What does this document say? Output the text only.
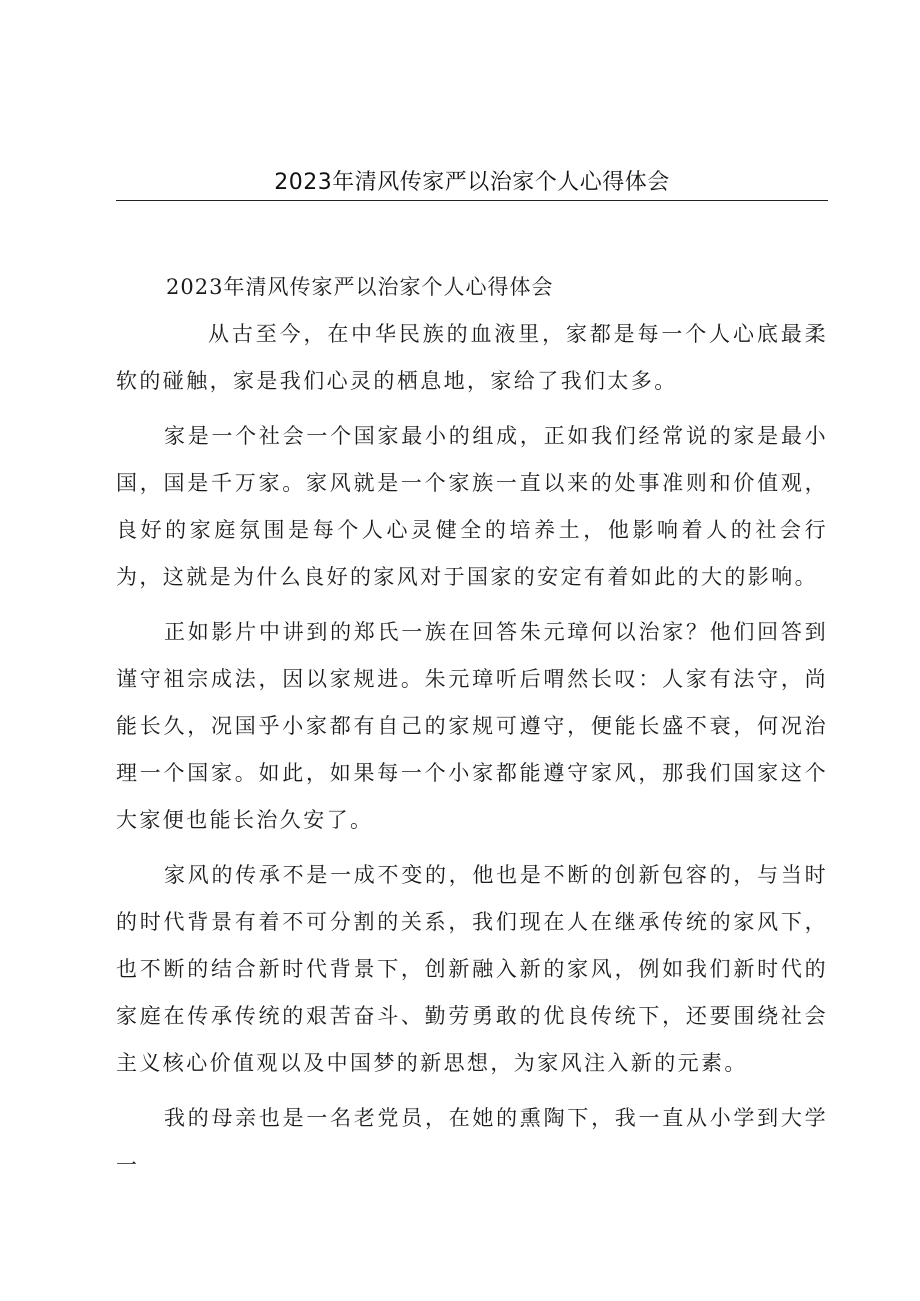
2023年清风传家严以治家个人心得体会

2023年清风传家严以治家个人心得体会

从古至今，在中华民族的血液里，家都是每一个人心底最柔软的碰触，家是我们心灵的栖息地，家给了我们太多。

家是一个社会一个国家最小的组成，正如我们经常说的家是最小国，国是千万家。家风就是一个家族一直以来的处事准则和价值观，良好的家庭氛围是每个人心灵健全的培养土，他影响着人的社会行为，这就是为什么良好的家风对于国家的安定有着如此的大的影响。

正如影片中讲到的郑氏一族在回答朱元璋何以治家？他们回答到谨守祖宗成法，因以家规进。朱元璋听后喟然长叹：人家有法守，尚能长久，况国乎小家都有自己的家规可遵守，便能长盛不衰，何况治理一个国家。如此，如果每一个小家都能遵守家风，那我们国家这个大家便也能长治久安了。

家风的传承不是一成不变的，他也是不断的创新包容的，与当时的时代背景有着不可分割的关系，我们现在人在继承传统的家风下，也不断的结合新时代背景下，创新融入新的家风，例如我们新时代的家庭在传承传统的艰苦奋斗、勤劳勇敢的优良传统下，还要围绕社会主义核心价值观以及中国梦的新思想，为家风注入新的元素。

我的母亲也是一名老党员，在她的熏陶下，我一直从小学到大学一
